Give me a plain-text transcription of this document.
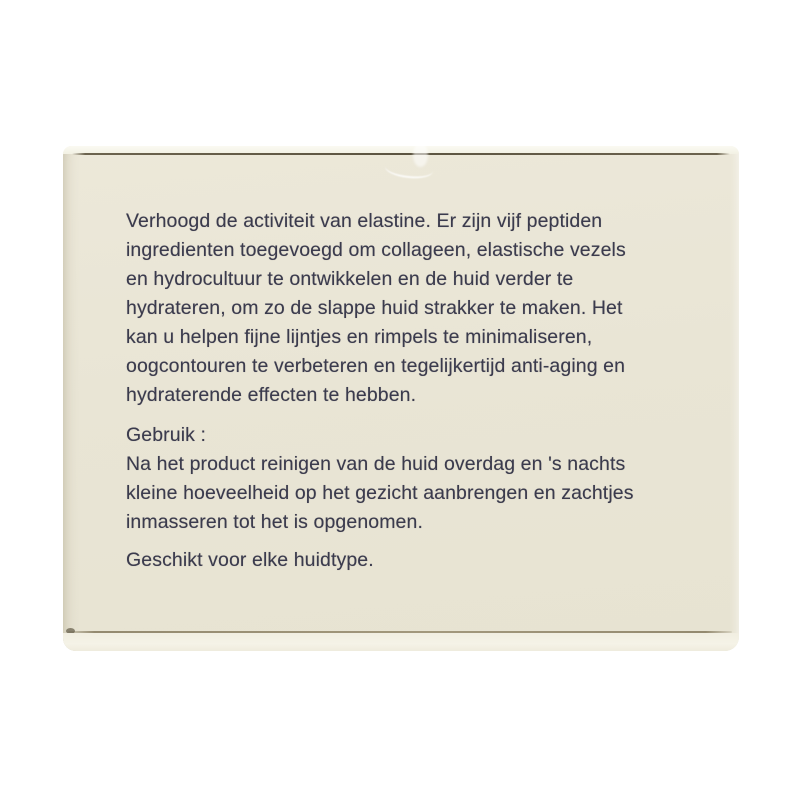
Verhoogd de activiteit van elastine. Er zijn vijf peptiden
ingredienten toegevoegd om collageen, elastische vezels
en hydrocultuur te ontwikkelen en de huid verder te
hydrateren, om zo de slappe huid strakker te maken. Het
kan u helpen fijne lijntjes en rimpels te minimaliseren,
oogcontouren te verbeteren en tegelijkertijd anti-aging en
hydraterende effecten te hebben.
Gebruik :
Na het product reinigen van de huid overdag en 's nachts
kleine hoeveelheid op het gezicht aanbrengen en zachtjes
inmasseren tot het is opgenomen.
Geschikt voor elke huidtype.
